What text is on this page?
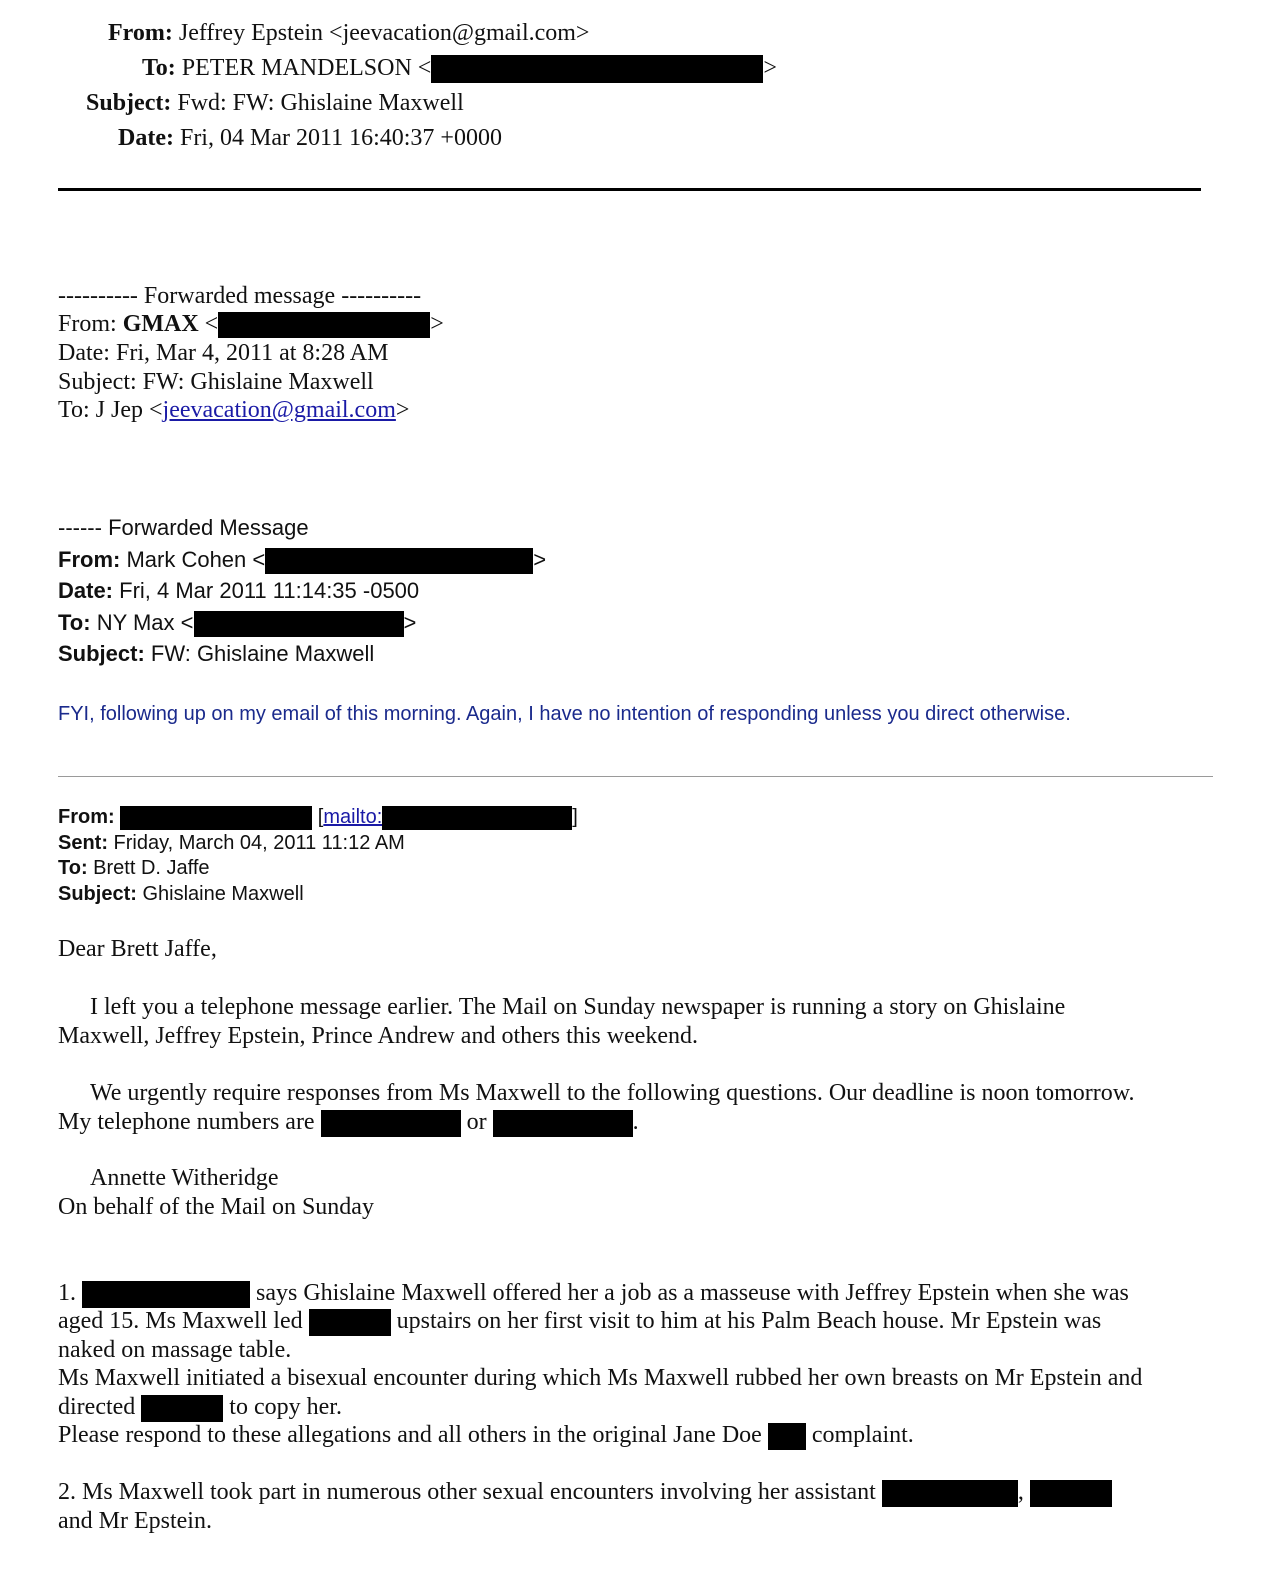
From: Jeffrey Epstein <jeevacation@gmail.com>
To: PETER MANDELSON <	>
Subject: Fwd: FW: Ghislaine Maxwell
Date: Fri, 04 Mar 2011 16:40:37 +0000
---------- Forwarded message ----------
From: GMAX <	>
Date: Fri, Mar 4, 2011 at 8:28 AM
Subject: FW: Ghislaine Maxwell
To: J Jep <jeevacation@gmail.com>
------ Forwarded Message
From: Mark Cohen <	>
Date: Fri, 4 Mar 2011 11:14:35 -0500
To: NY Max <	>
Subject: FW: Ghislaine Maxwell
FYI, following up on my email of this morning. Again, I have no intention of responding unless you direct otherwise.
From:	[mailto:	]
Sent: Friday, March 04, 2011 11:12 AM
To: Brett D. Jaffe
Subject: Ghislaine Maxwell
Dear Brett Jaffe,
I left you a telephone message earlier. The Mail on Sunday newspaper is running a story on Ghislaine
Maxwell, Jeffrey Epstein, Prince Andrew and others this weekend.
We urgently require responses from Ms Maxwell to the following questions. Our deadline is noon tomorrow.
My telephone numbers are	or	.
Annette Witheridge
On behalf of the Mail on Sunday
1.	says Ghislaine Maxwell offered her a job as a masseuse with Jeffrey Epstein when she was
aged 15. Ms Maxwell led	upstairs on her first visit to him at his Palm Beach house. Mr Epstein was
naked on massage table.
Ms Maxwell initiated a bisexual encounter during which Ms Maxwell rubbed her own breasts on Mr Epstein and
directed	to copy her.
Please respond to these allegations and all others in the original Jane Doe  complaint.
2. Ms Maxwell took part in numerous other sexual encounters involving her assistant	,
and Mr Epstein.
